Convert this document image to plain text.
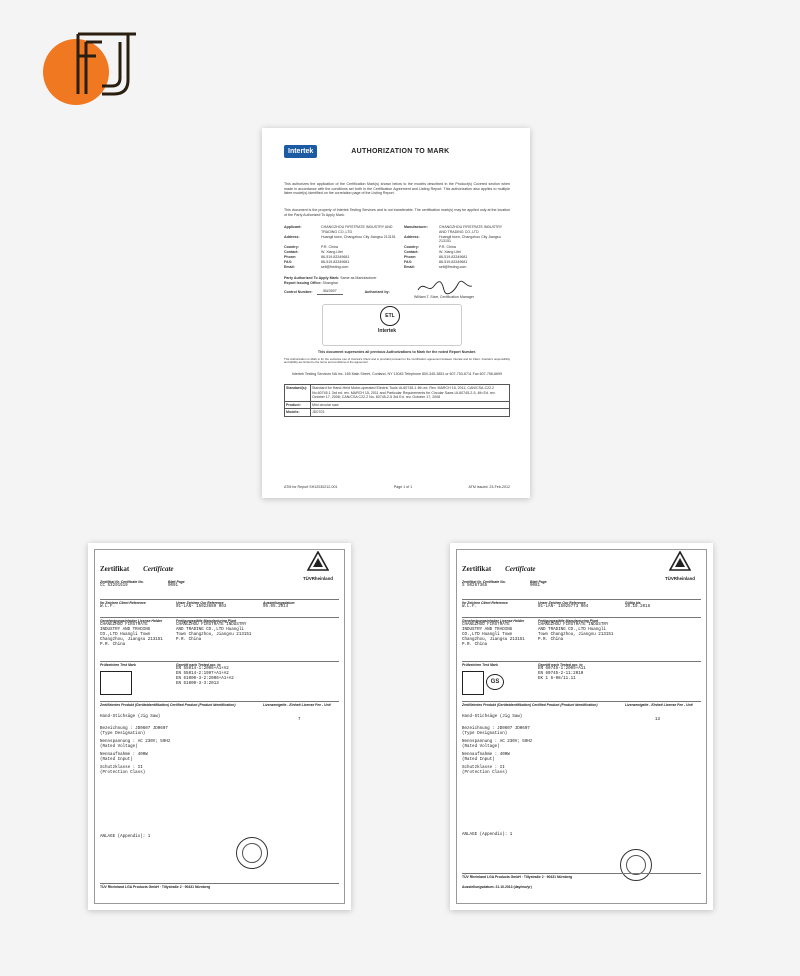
Intertek	AUTHORIZATION TO MARK
This authorizes the application of the Certification Mark(s) shown below to the models described in the Product(s) Covered section when made in accordance with the conditions set forth in the Certification Agreement and Listing Report. This authorization also applies to multiple listee model(s) identified on the correlation page of the Listing Report.
This document is the property of Intertek Testing Services and is not transferable. The certification mark(s) may be applied only at the location of the Party Authorized To Apply Mark.
Applicant:	CHANGZHOU FIRSTRATE INDUSTRY AND TRADING CO.,LTD
Manufacturer:	CHANGZHOU FIRSTRATE INDUSTRY AND TRADING CO.,LTD
Address:	Huangli town, Changzhou City Jiangsu 213151	Address:	Huangli town, Changzhou City Jiangsu 213151
Country:	P.R. China	Country:	P.R. China
Contact:	W. Xiang Lifei	Contact:	W. Xiang Lifei
Phone:	86-519-83349681	Phone:	86-519-83349681
FAX:	86-519-83349681	FAX:	86-519-83349681
Email:	sell@firsting.com	Email:	sell@firsting.com
Party Authorized To Apply Mark: Same as Manufacturer
Report Issuing Office: Shanghai
Control Number:	3643597	Authorized by:
William T. Starr, Certification Manager
ETL
Intertek
This document supersedes all previous Authorizations to Mark for the noted Report Number.
This Authorization to Mark is for the exclusive use of Intertek's Client and is provided pursuant to the Certification agreement between Intertek and its Client. Intertek's responsibility and liability are limited to the terms and conditions of the agreement.
Intertek Testing Services NA Inc. 165 Main Street, Cortland, NY 13045 Telephone 800-345-3851 or 607-753-6711 Fax 607-756-6699
Standard(s):	Standard for Hand-Held Motor-operated Electric Tools UL60745-1 4th ed. Rev. MARCH 15, 2011; CAN/CSA-C22.2 No.60745-1 3rd ed. rev. MARCH 15, 2011 and Particular Requirements for Circular Saws UL60745-2-5, 4th Ed. rev. October 17, 2008; CAN/CSA C22.2 No. 60745-2-5 3rd Ed. rev. October 17, 2008
Product:	Mini circular saw
Models:	JD0703
ATM for Report SH12030212-001	Page 1 of 1	ATM Issued: 23-Feb-2012
Zertifikat Certificate
TÜVRheinland
Zertifikat Nr. Certificate No.
CC 53291519
Blatt Page
0001
Ihr Zeichen Client Reference
W.L.F.
Unser Zeichen Our Reference
01-LAN- 15023680 003
Ausstellungsdatum
05.05.2014
Genehmigungsinhaber License Holder
CHANGZHOU FIRSTRATE INDUSTRY AND TRADING CO.,LTD Huangli Town Changzhou, Jiangsu 213151 P.R. China
Fertigungsstätte Manufacturing Plant
CHANGZHOU FIRSTRATE INDUSTRY AND TRADING CO.,LTD Huangli Town Changzhou, Jiangsu 213151 P.R. China
Prüfzeichen Test Mark	Geprüft nach Tested acc. to
EN 55014-1:2006+A1+A2
EN 55014-2:1997+A1+A2
EN 61000-3-2:2006+A1+A2
EN 61000-3-3:2013
Zertifiziertes Produkt (Geräteidentifikation) Certified Product (Product Identification)	Lizenzentgelte - Einheit License Fee - Unit
Hand-Stichsäge (Jig Saw)
7
Bezeichnung : JD0607 JD0607
(Type Designation)
Nennspannung : AC 230V; 50Hz
(Rated Voltage)
Nennaufnahme : 400W
(Rated Input)
Schutzklasse : II
(Protection Class)
ANLAGE (Appendix): 1
TÜV Rheinland LGA Products GmbH · Tillystraße 2 · 90431 Nürnberg
Zertifikat Certificate
TÜVRheinland
Zertifikat Nr. Certificate No.
S 50267365
Blatt Page
0081
Ihr Zeichen Client Reference
W.L.F.
Unser Zeichen Our Reference
01-LAN- 15025773 004
Gültig bis
20.10.2016
Genehmigungsinhaber License Holder
CHANGZHOU FIRSTRATE INDUSTRY AND TRADING CO.,LTD Huangli Town Changzhou, Jiangsu 213151 P.R. China
Fertigungsstätte Manufacturing Plant
CHANGZHOU FIRSTRATE INDUSTRY AND TRADING CO.,LTD Huangli Town Changzhou, Jiangsu 213151 P.R. China
Prüfzeichen Test Mark
GS
Geprüft nach Tested acc. to
EN 60745-1:2009+A11
EN 60745-2-11:2010
EK 1 6-08/11.11
Zertifiziertes Produkt (Geräteidentifikation) Certified Product (Product Identification)	Lizenzentgelte - Einheit License Fee - Unit
Hand-Stichsäge (Jig Saw)
13
Bezeichnung : JD0607 JD0607
(Type Designation)
Nennspannung : AC 230V; 50Hz
(Rated Voltage)
Nennaufnahme : 400W
(Rated Input)
Schutzklasse : II
(Protection Class)
ANLAGE (Appendix): 1
TÜV Rheinland LGA Products GmbH · Tillystraße 2 · 90431 Nürnberg
Ausstellungsdatum: 21.10.2013 (day/mo/yr)
